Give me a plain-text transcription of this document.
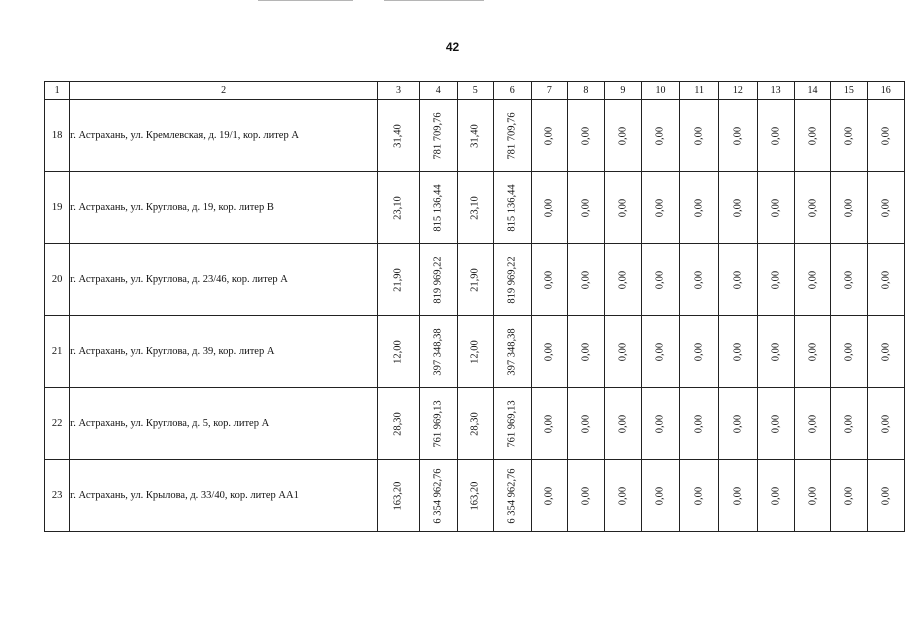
42
1	2	3	4	5	6	7	8	9	10	11	12	13	14	15	16
18	г. Астрахань, ул. Кремлевская, д. 19/1, кор. литер А	31,40	781 709,76	31,40	781 709,76	0,00	0,00	0,00	0,00	0,00	0,00	0,00	0,00	0,00	0,00

19	г. Астрахань, ул. Круглова, д. 19, кор. литер В	23,10	815 136,44	23,10	815 136,44	0,00	0,00	0,00	0,00	0,00	0,00	0,00	0,00	0,00	0,00

20	г. Астрахань, ул. Круглова, д. 23/46, кор. литер А	21,90	819 969,22	21,90	819 969,22	0,00	0,00	0,00	0,00	0,00	0,00	0,00	0,00	0,00	0,00

21	г. Астрахань, ул. Круглова, д. 39, кор. литер А	12,00	397 348,38	12,00	397 348,38	0,00	0,00	0,00	0,00	0,00	0,00	0,00	0,00	0,00	0,00

22	г. Астрахань, ул. Круглова, д. 5, кор. литер А	28,30	761 969,13	28,30	761 969,13	0,00	0,00	0,00	0,00	0,00	0,00	0,00	0,00	0,00	0,00

23	г. Астрахань, ул. Крылова, д. 33/40, кор. литер АА1	163,20	6 354 962,76	163,20	6 354 962,76	0,00	0,00	0,00	0,00	0,00	0,00	0,00	0,00	0,00	0,00
